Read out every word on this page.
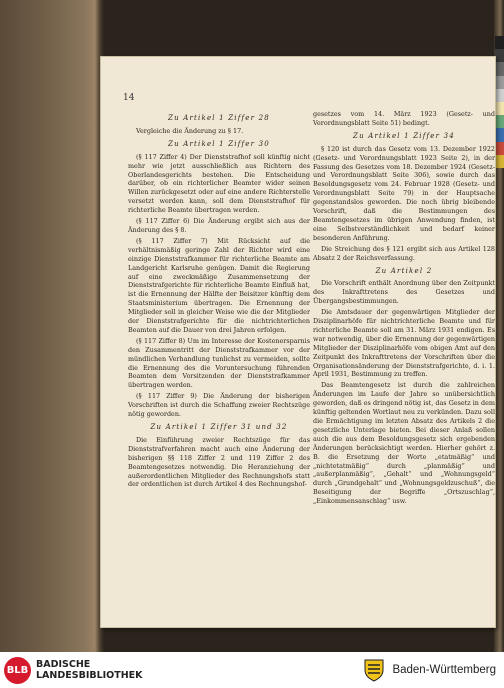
14
Zu Artikel 1 Ziffer 28

Vergleiche die Änderung zu § 17.

Zu Artikel 1 Ziffer 30

(§ 117 Ziffer 4) Der Dienststrafhof soll künftig nicht mehr wie jetzt ausschließlich aus Richtern des Oberlandesgerichts bestehen. Die Entscheidung darüber, ob ein richterlicher Beamter wider seinen Willen zurückgesetzt oder auf eine andere Richterstelle versetzt werden kann, soll dem Dienststrafhof für richterliche Beamte übertragen werden.

(§ 117 Ziffer 6) Die Änderung ergibt sich aus der Änderung des § 8.

(§ 117 Ziffer 7) Mit Rücksicht auf die verhältnismäßig geringe Zahl der Richter wird eine einzige Dienststrafkammer für richterliche Beamte am Landgericht Karlsruhe genügen. Damit die Regierung auf eine zweckmäßige Zusammensetzung der Dienststrafgerichte für richterliche Beamte Einfluß hat, ist die Ernennung der Hälfte der Beisitzer künftig dem Staatsministerium übertragen. Die Ernennung der Mitglieder soll in gleicher Weise wie die der Mitglieder der Dienststrafgerichte für die nichtrichterlichen Beamten auf die Dauer von drei Jahren erfolgen.

(§ 117 Ziffer 8) Um im Interesse der Kostenersparnis den Zusammentritt der Dienststrafkammer vor der mündlichen Verhandlung tunlichst zu vermeiden, sollte die Ernennung des die Voruntersuchung führenden Beamten dem Vorsitzenden der Dienststrafkammer übertragen werden.

(§ 117 Ziffer 9) Die Änderung der bisherigen Vorschriften ist durch die Schaffung zweier Rechtszüge nötig geworden.

Zu Artikel 1 Ziffer 31 und 32

Die Einführung zweier Rechtszüge für das Dienststrafverfahren macht auch eine Änderung der bisherigen §§ 118 Ziffer 2 und 119 Ziffer 2 des Beamtengesetzes notwendig. Die Heranziehung der außerordentlichen Mitglieder des Rechnungshofs statt der ordentlichen ist durch Artikel 4 des Rechnungshof-

gesetzes vom 14. März 1923 (Gesetz- und Verordnungsblatt Seite 51) bedingt.

Zu Artikel 1 Ziffer 34

§ 120 ist durch das Gesetz vom 13. Dezember 1922 (Gesetz- und Verordnungsblatt 1923 Seite 2), in der Fassung des Gesetzes vom 18. Dezember 1924 (Gesetz- und Verordnungsblatt Seite 306), sowie durch das Besoldungsgesetz vom 24. Februar 1928 (Gesetz- und Verordnungsblatt Seite 79) in der Hauptsache gegenstandslos geworden. Die noch übrig bleibende Vorschrift, daß die Bestimmungen des Beamtengesetzes im übrigen Anwendung finden, ist eine Selbstverständlichkeit und bedarf keiner besonderen Anführung.

Die Streichung des § 121 ergibt sich aus Artikel 128 Absatz 2 der Reichsverfassung.

Zu Artikel 2

Die Vorschrift enthält Anordnung über den Zeitpunkt des Inkrafttretens des Gesetzes und Übergangsbestimmungen.

Die Amtsdauer der gegenwärtigen Mitglieder der Disziplinarhöfe für nichtrichterliche Beamte und für richterliche Beamte soll am 31. März 1931 endigen. Es war notwendig, über die Ernennung der gegenwärtigen Mitglieder der Disziplinarhöfe vom obigen Amt auf den Zeitpunkt des Inkrafttretens der Vorschriften über die Organisationsänderung der Dienststrafgerichte, d. i. 1. April 1931, Bestimmung zu treffen.

Das Beamtengesetz ist durch die zahlreichen Änderungen im Laufe der Jahre so unübersichtlich geworden, daß es dringend nötig ist, das Gesetz in dem künftig geltenden Wortlaut neu zu verkünden. Dazu soll die Ermächtigung im letzten Absatz des Artikels 2 die gesetzliche Unterlage bieten. Bei dieser Anlaß sollen auch die aus dem Besoldungsgesetz sich ergebenden Änderungen berücksichtigt werden. Hierher gehört z. B. die Ersetzung der Worte „etatmäßig“ und „nichtetatmäßig“ durch „planmäßig“ und „außerplanmäßig“, „Gehalt“ und „Wohnungsgeld“ durch „Grundgehalt“ und „Wohnungsgeldzuschuß“, die Beseitigung der Begriffe „Ortszuschlag“, „Einkommensanschlag“ usw.

BLB BADISCHE
LANDESBIBLIOTHEK	Baden-Württemberg
